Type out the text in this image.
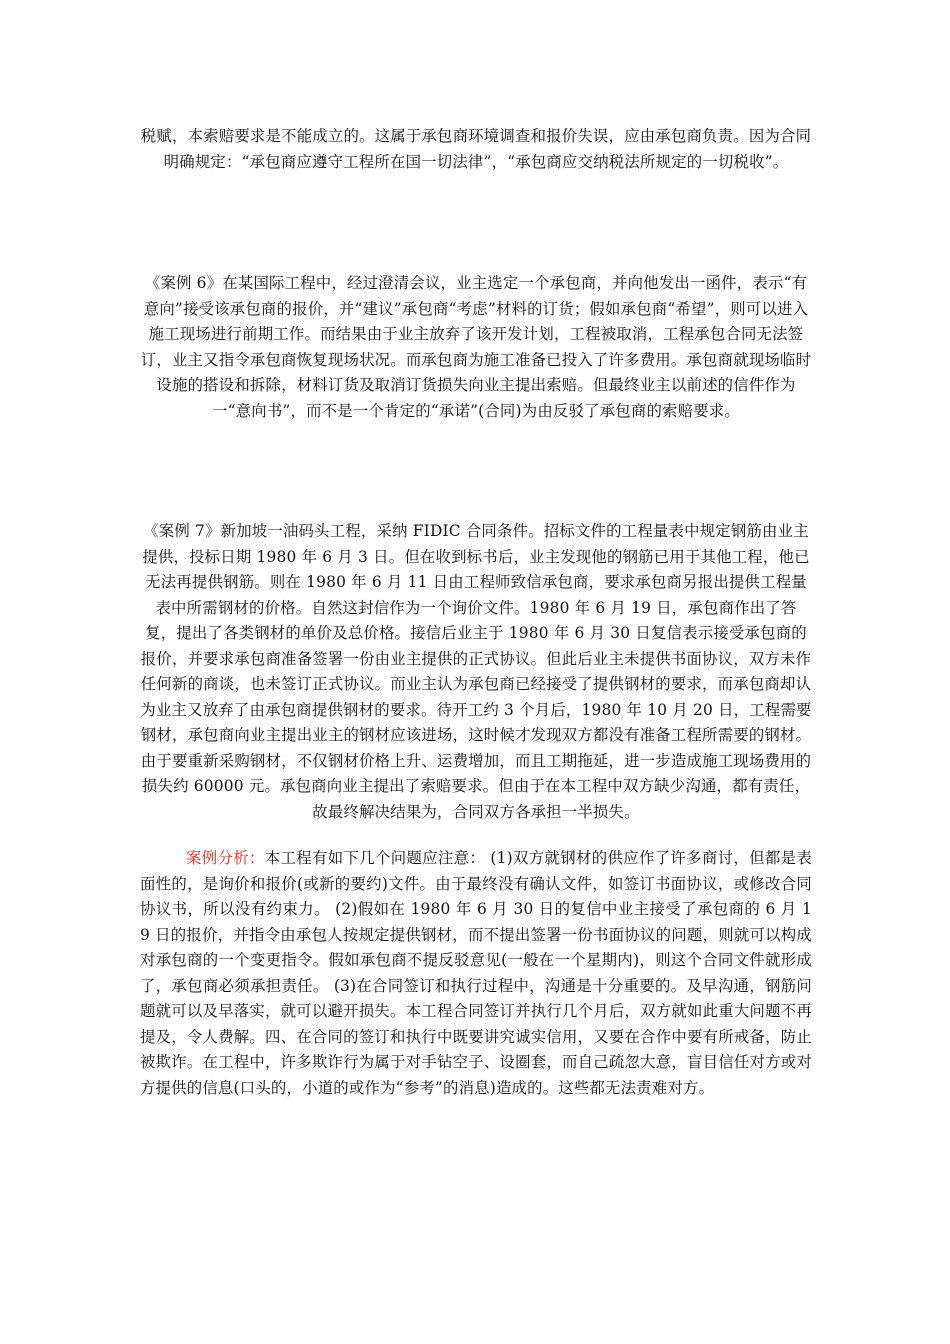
税赋，本索赔要求是不能成立的。这属于承包商环境调查和报价失误，应由承包商负责。因为合同明确规定：“承包商应遵守工程所在国一切法律”，“承包商应交纳税法所规定的一切税收”。

《案例 6》在某国际工程中，经过澄清会议，业主选定一个承包商，并向他发出一函件，表示“有意向”接受该承包商的报价，并“建议”承包商“考虑”材料的订货；假如承包商“希望”，则可以进入施工现场进行前期工作。而结果由于业主放弃了该开发计划，工程被取消，工程承包合同无法签订，业主又指令承包商恢复现场状况。而承包商为施工准备已投入了许多费用。承包商就现场临时设施的搭设和拆除，材料订货及取消订货损失向业主提出索赔。但最终业主以前述的信件作为一“意向书”，而不是一个肯定的“承诺”(合同)为由反驳了承包商的索赔要求。

《案例 7》新加坡一油码头工程，采纳 FIDIC 合同条件。招标文件的工程量表中规定钢筋由业主提供，投标日期 1980 年 6 月 3 日。但在收到标书后，业主发现他的钢筋已用于其他工程，他已无法再提供钢筋。则在 1980 年 6 月 11 日由工程师致信承包商，要求承包商另报出提供工程量表中所需钢材的价格。自然这封信作为一个询价文件。1980 年 6 月 19 日，承包商作出了答复，提出了各类钢材的单价及总价格。接信后业主于 1980 年 6 月 30 日复信表示接受承包商的报价，并要求承包商准备签署一份由业主提供的正式协议。但此后业主未提供书面协议，双方未作任何新的商谈，也未签订正式协议。而业主认为承包商已经接受了提供钢材的要求，而承包商却认为业主又放弃了由承包商提供钢材的要求。待开工约 3 个月后，1980 年 10 月 20 日，工程需要钢材，承包商向业主提出业主的钢材应该进场，这时候才发现双方都没有准备工程所需要的钢材。由于要重新采购钢材，不仅钢材价格上升、运费增加，而且工期拖延，进一步造成施工现场费用的损失约 60000 元。承包商向业主提出了索赔要求。但由于在本工程中双方缺少沟通，都有责任，故最终解决结果为，合同双方各承担一半损失。

案例分析：本工程有如下几个问题应注意： (1)双方就钢材的供应作了许多商讨，但都是表面性的，是询价和报价(或新的要约)文件。由于最终没有确认文件，如签订书面协议，或修改合同协议书，所以没有约束力。 (2)假如在 1980 年 6 月 30 日的复信中业主接受了承包商的 6 月 19 日的报价，并指令由承包人按规定提供钢材，而不提出签署一份书面协议的问题，则就可以构成对承包商的一个变更指令。假如承包商不提反驳意见(一般在一个星期内)，则这个合同文件就形成了，承包商必须承担责任。 (3)在合同签订和执行过程中，沟通是十分重要的。及早沟通，钢筋问题就可以及早落实，就可以避开损失。本工程合同签订并执行几个月后，双方就如此重大问题不再提及，令人费解。四、在合同的签订和执行中既要讲究诚实信用，又要在合作中要有所戒备，防止被欺诈。在工程中，许多欺诈行为属于对手钻空子、设圈套，而自己疏忽大意，盲目信任对方或对方提供的信息(口头的，小道的或作为“参考”的消息)造成的。这些都无法责难对方。
